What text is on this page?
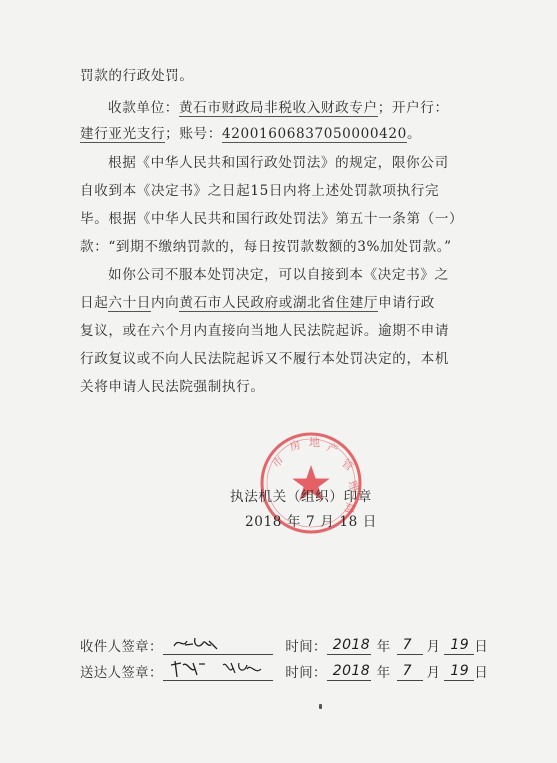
罚款的行政处罚。
收款单位：黄石市财政局非税收入财政专户；开户行：
建行亚光支行；账号：42001606837050000420。
根据《中华人民共和国行政处罚法》的规定，限你公司
自收到本《决定书》之日起15日内将上述处罚款项执行完
毕。根据《中华人民共和国行政处罚法》第五十一条第（一）
款：“到期不缴纳罚款的，每日按罚款数额的3%加处罚款。”
如你公司不服本处罚决定，可以自接到本《决定书》之
日起六十日内向黄石市人民政府或湖北省住建厅申请行政
复议，或在六个月内直接向当地人民法院起诉。逾期不申请
行政复议或不向人民法院起诉又不履行本处罚决定的，本机
关将申请人民法院强制执行。
市
房 地 产
管
理
局
执法机关（组织）印章
2018 年 7 月 18 日
收件人签章：	时间： 2018 年 7 月 19 日
送达人签章：	时间： 2018 年 7 月 19 日
